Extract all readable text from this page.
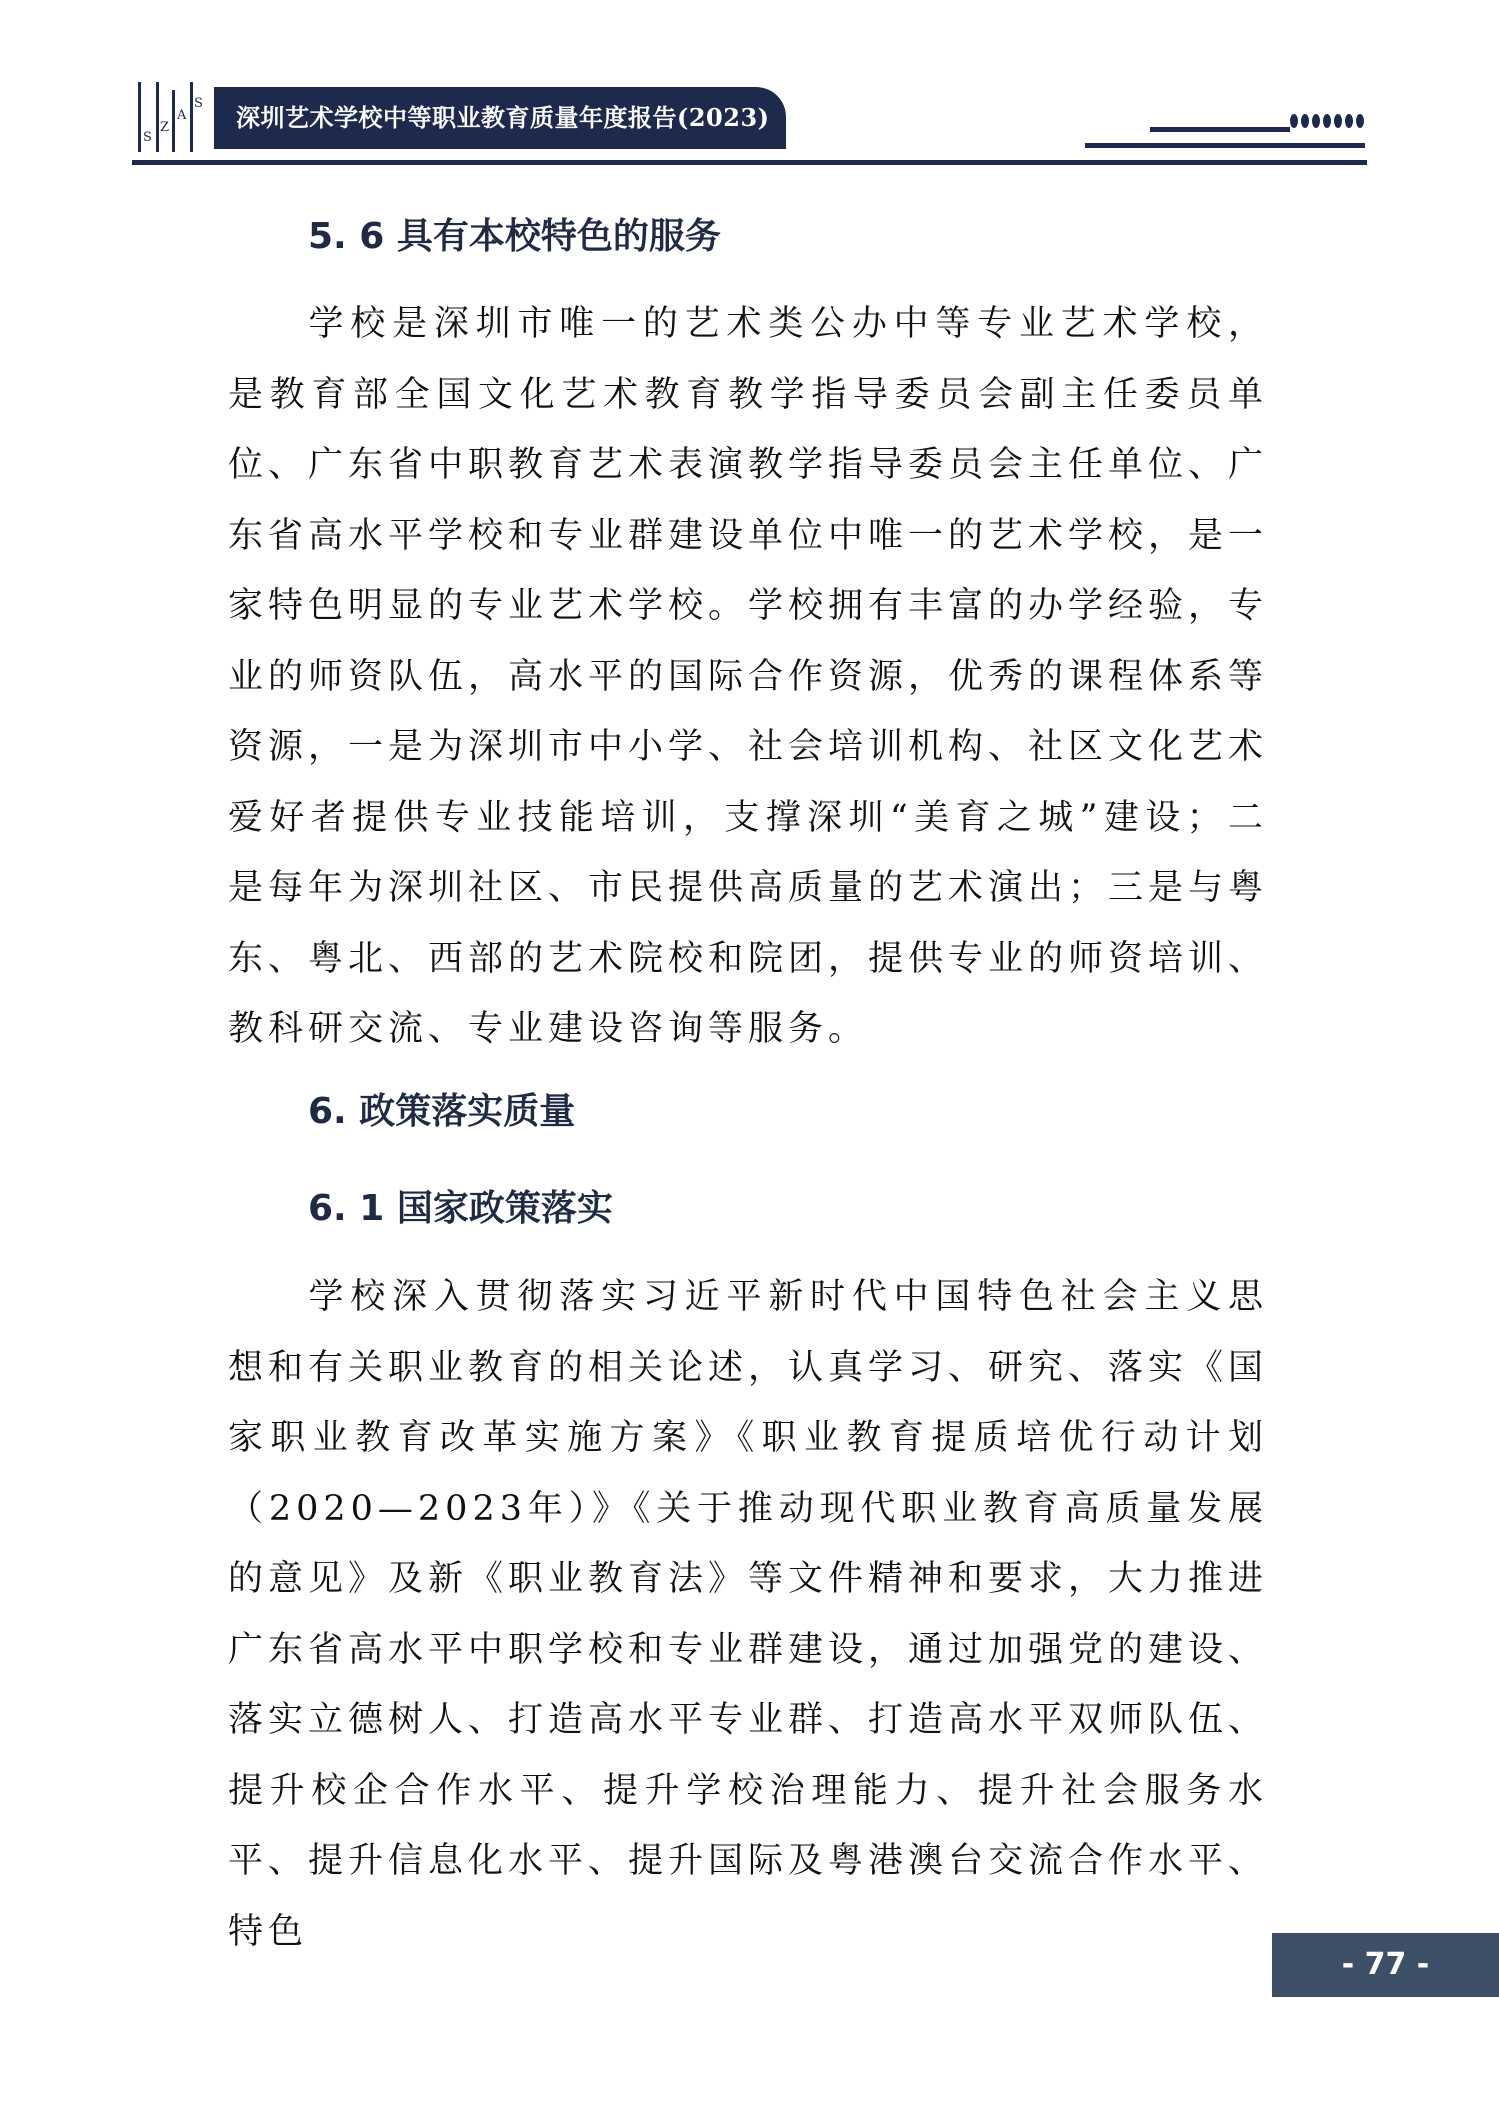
S
Z
A
S	深圳艺术学校中等职业教育质量年度报告(2023)
5. 6 具有本校特色的服务

学校是深圳市唯一的艺术类公办中等专业艺术学校，是教育部全国文化艺术教育教学指导委员会副主任委员单位、广东省中职教育艺术表演教学指导委员会主任单位、广东省高水平学校和专业群建设单位中唯一的艺术学校，是一家特色明显的专业艺术学校。学校拥有丰富的办学经验，专业的师资队伍，高水平的国际合作资源，优秀的课程体系等资源，一是为深圳市中小学、社会培训机构、社区文化艺术爱好者提供专业技能培训，支撑深圳“美育之城”建设；二是每年为深圳社区、市民提供高质量的艺术演出；三是与粤东、粤北、西部的艺术院校和院团，提供专业的师资培训、教科研交流、专业建设咨询等服务。

6. 政策落实质量
6. 1 国家政策落实

学校深入贯彻落实习近平新时代中国特色社会主义思想和有关职业教育的相关论述，认真学习、研究、落实《国家职业教育改革实施方案》《职业教育提质培优行动计划（2020—2023年）》《关于推动现代职业教育高质量发展的意见》及新《职业教育法》等文件精神和要求，大力推进广东省高水平中职学校和专业群建设，通过加强党的建设、落实立德树人、打造高水平专业群、打造高水平双师队伍、提升校企合作水平、提升学校治理能力、提升社会服务水平、提升信息化水平、提升国际及粤港澳台交流合作水平、特色

- 77 -
